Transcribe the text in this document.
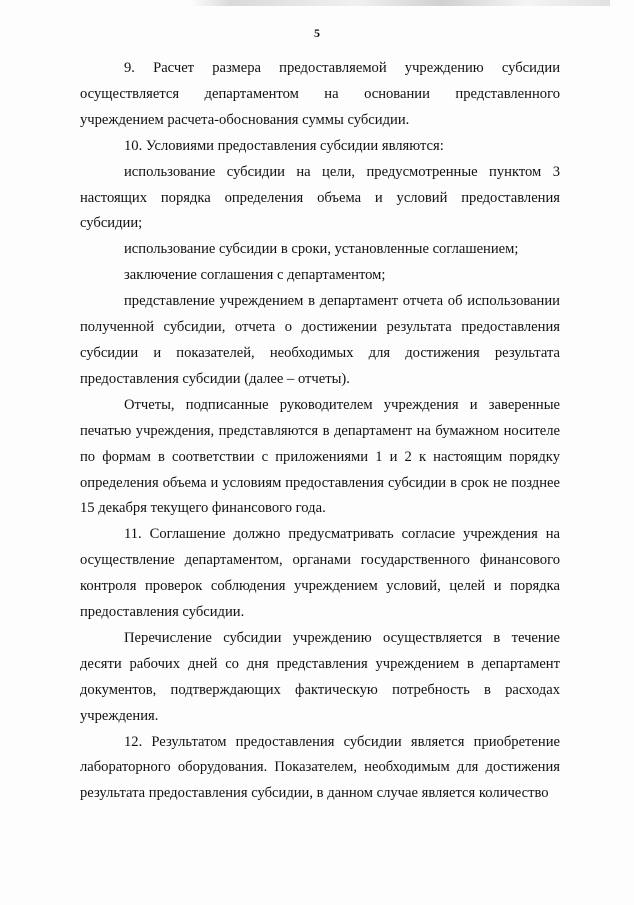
5

9. Расчет размера предоставляемой учреждению субсидии осуществляется департаментом на основании представленного учреждением расчета-обоснования суммы субсидии.

10. Условиями предоставления субсидии являются:

использование субсидии на цели, предусмотренные пунктом 3 настоящих порядка определения объема и условий предоставления субсидии;

использование субсидии в сроки, установленные соглашением;

заключение соглашения с департаментом;

представление учреждением в департамент отчета об использовании полученной субсидии, отчета о достижении результата предоставления субсидии и показателей, необходимых для достижения результата предоставления субсидии (далее – отчеты).

Отчеты, подписанные руководителем учреждения и заверенные печатью учреждения, представляются в департамент на бумажном носителе по формам в соответствии с приложениями 1 и 2 к настоящим порядку определения объема и условиям предоставления субсидии в срок не позднее 15 декабря текущего финансового года.

11. Соглашение должно предусматривать согласие учреждения на осуществление департаментом, органами государственного финансового контроля проверок соблюдения учреждением условий, целей и порядка предоставления субсидии.

Перечисление субсидии учреждению осуществляется в течение десяти рабочих дней со дня представления учреждением в департамент документов, подтверждающих фактическую потребность в расходах учреждения.

12. Результатом предоставления субсидии является приобретение лабораторного оборудования. Показателем, необходимым для достижения результата предоставления субсидии, в данном случае является количество
